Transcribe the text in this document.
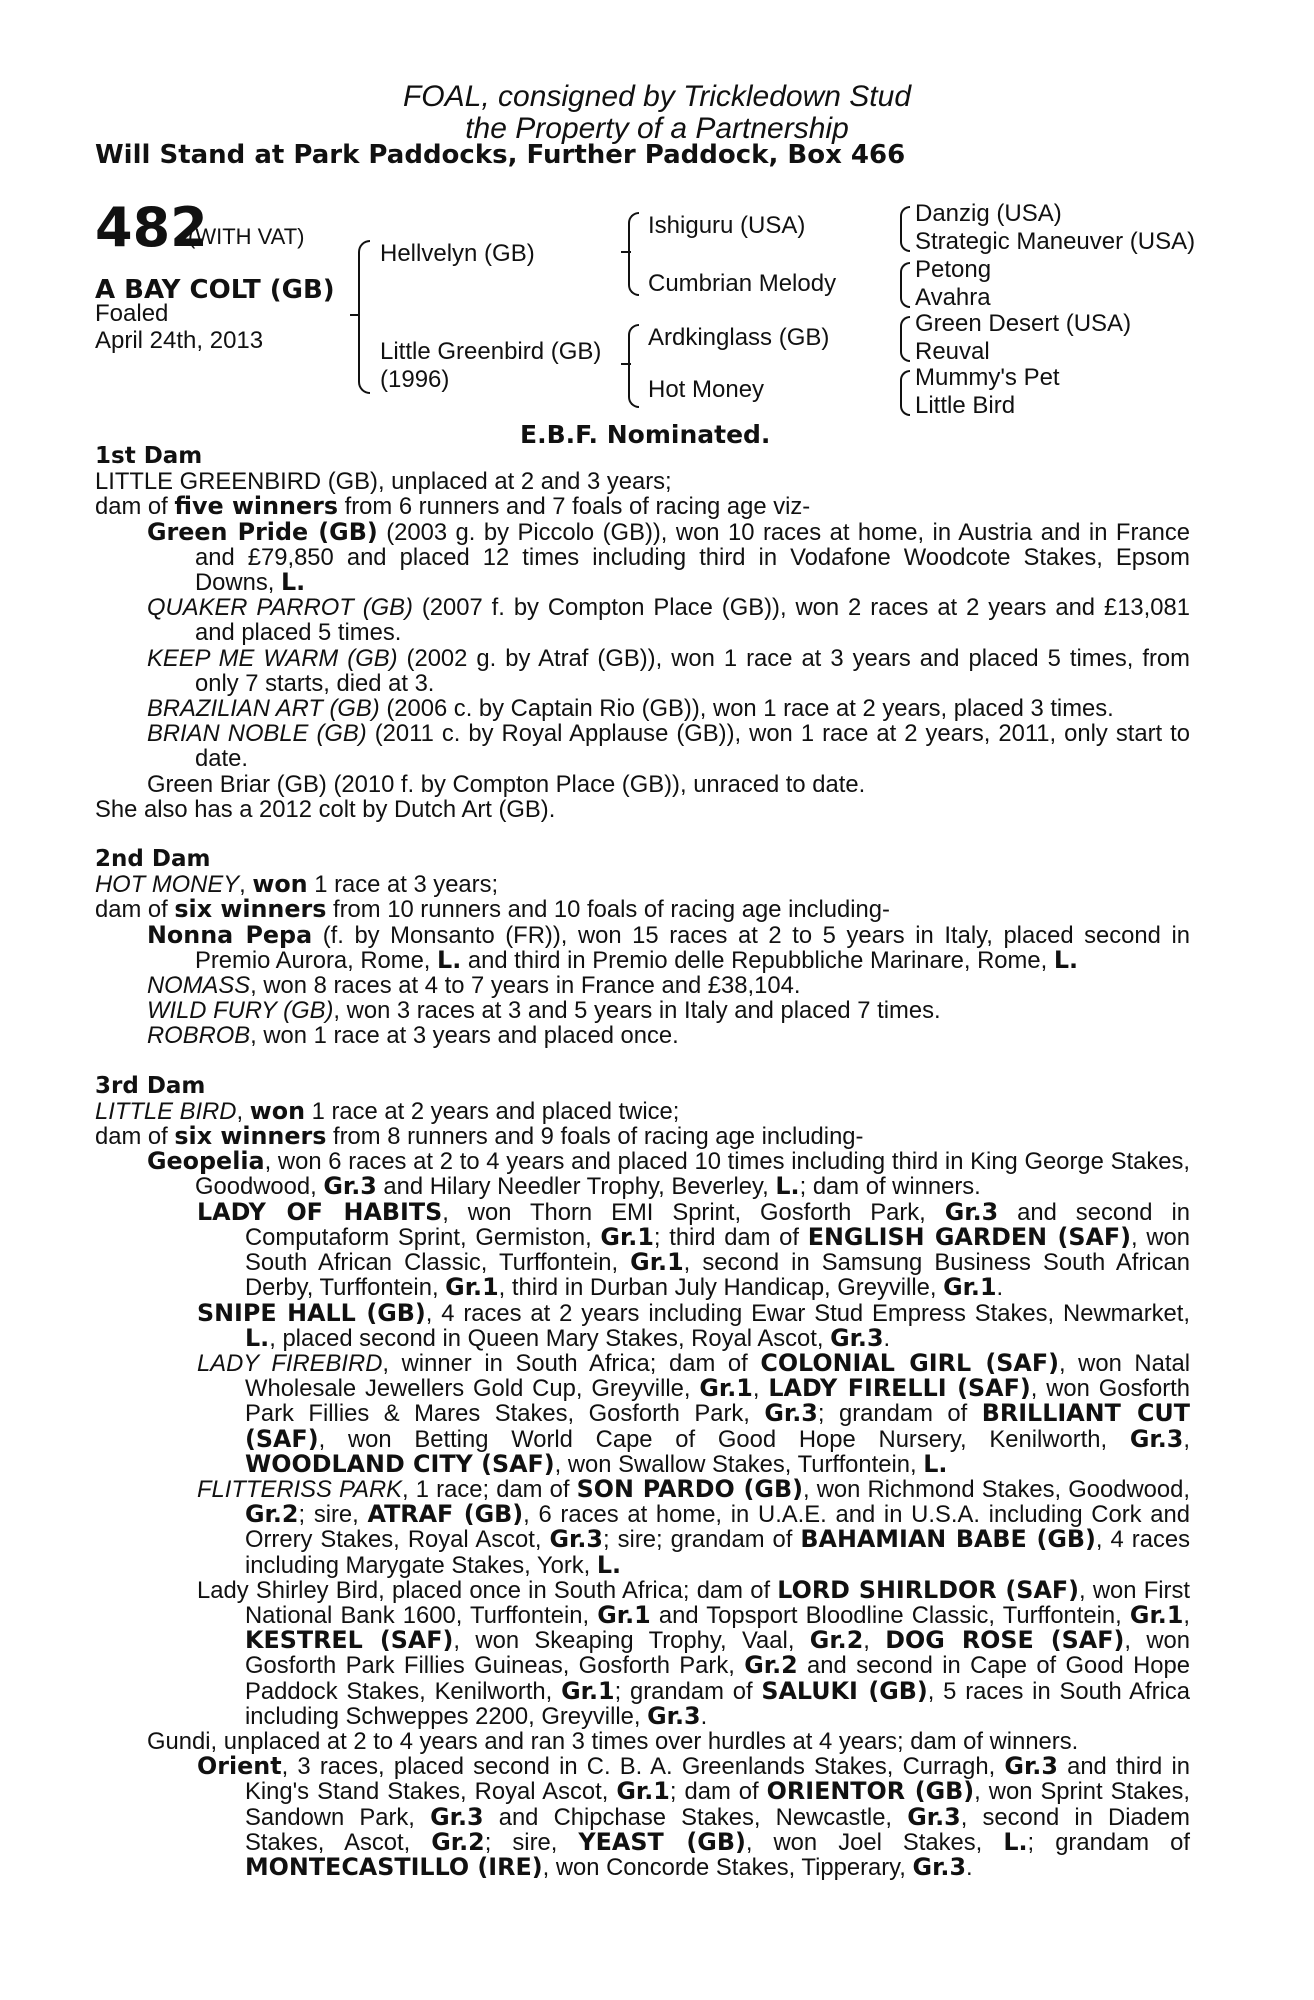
FOAL, consigned by Trickledown Stud
the Property of a Partnership
Will Stand at Park Paddocks, Further Paddock, Box 466
482
(WITH VAT)
A BAY COLT (GB)
Foaled
April 24th, 2013
Hellvelyn (GB)
Little Greenbird (GB)
(1996)
Ishiguru (USA)
Cumbrian Melody
Ardkinglass (GB)
Hot Money
Danzig (USA)
Strategic Maneuver (USA)
Petong
Avahra
Green Desert (USA)
Reuval
Mummy's Pet
Little Bird
E.B.F. Nominated.
1st Dam
LITTLE GREENBIRD (GB), unplaced at 2 and 3 years;
dam of five winners from 6 runners and 7 foals of racing age viz-
Green Pride (GB) (2003 g. by Piccolo (GB)), won 10 races at home, in Austria and in France and £79,850 and placed 12 times including third in Vodafone Woodcote Stakes, Epsom Downs, L.
QUAKER PARROT (GB) (2007 f. by Compton Place (GB)), won 2 races at 2 years and £13,081 and placed 5 times.
KEEP ME WARM (GB) (2002 g. by Atraf (GB)), won 1 race at 3 years and placed 5 times, from only 7 starts, died at 3.
BRAZILIAN ART (GB) (2006 c. by Captain Rio (GB)), won 1 race at 2 years, placed 3 times.
BRIAN NOBLE (GB) (2011 c. by Royal Applause (GB)), won 1 race at 2 years, 2011, only start to date.
Green Briar (GB) (2010 f. by Compton Place (GB)), unraced to date.
She also has a 2012 colt by Dutch Art (GB).
2nd Dam
HOT MONEY, won 1 race at 3 years;
dam of six winners from 10 runners and 10 foals of racing age including-
Nonna Pepa (f. by Monsanto (FR)), won 15 races at 2 to 5 years in Italy, placed second in Premio Aurora, Rome, L. and third in Premio delle Repubbliche Marinare, Rome, L.
NOMASS, won 8 races at 4 to 7 years in France and £38,104.
WILD FURY (GB), won 3 races at 3 and 5 years in Italy and placed 7 times.
ROBROB, won 1 race at 3 years and placed once.
3rd Dam
LITTLE BIRD, won 1 race at 2 years and placed twice;
dam of six winners from 8 runners and 9 foals of racing age including-
Geopelia, won 6 races at 2 to 4 years and placed 10 times including third in King George Stakes, Goodwood, Gr.3 and Hilary Needler Trophy, Beverley, L.; dam of winners.
LADY OF HABITS, won Thorn EMI Sprint, Gosforth Park, Gr.3 and second in Computaform Sprint, Germiston, Gr.1; third dam of ENGLISH GARDEN (SAF), won South African Classic, Turffontein, Gr.1, second in Samsung Business South African Derby, Turffontein, Gr.1, third in Durban July Handicap, Greyville, Gr.1.
SNIPE HALL (GB), 4 races at 2 years including Ewar Stud Empress Stakes, Newmarket, L., placed second in Queen Mary Stakes, Royal Ascot, Gr.3.
LADY FIREBIRD, winner in South Africa; dam of COLONIAL GIRL (SAF), won Natal Wholesale Jewellers Gold Cup, Greyville, Gr.1, LADY FIRELLI (SAF), won Gosforth Park Fillies & Mares Stakes, Gosforth Park, Gr.3; grandam of BRILLIANT CUT (SAF), won Betting World Cape of Good Hope Nursery, Kenilworth, Gr.3, WOODLAND CITY (SAF), won Swallow Stakes, Turffontein, L.
FLITTERISS PARK, 1 race; dam of SON PARDO (GB), won Richmond Stakes, Goodwood, Gr.2; sire, ATRAF (GB), 6 races at home, in U.A.E. and in U.S.A. including Cork and Orrery Stakes, Royal Ascot, Gr.3; sire; grandam of BAHAMIAN BABE (GB), 4 races including Marygate Stakes, York, L.
Lady Shirley Bird, placed once in South Africa; dam of LORD SHIRLDOR (SAF), won First National Bank 1600, Turffontein, Gr.1 and Topsport Bloodline Classic, Turffontein, Gr.1, KESTREL (SAF), won Skeaping Trophy, Vaal, Gr.2, DOG ROSE (SAF), won Gosforth Park Fillies Guineas, Gosforth Park, Gr.2 and second in Cape of Good Hope Paddock Stakes, Kenilworth, Gr.1; grandam of SALUKI (GB), 5 races in South Africa including Schweppes 2200, Greyville, Gr.3.
Gundi, unplaced at 2 to 4 years and ran 3 times over hurdles at 4 years; dam of winners.
Orient, 3 races, placed second in C. B. A. Greenlands Stakes, Curragh, Gr.3 and third in King's Stand Stakes, Royal Ascot, Gr.1; dam of ORIENTOR (GB), won Sprint Stakes, Sandown Park, Gr.3 and Chipchase Stakes, Newcastle, Gr.3, second in Diadem Stakes, Ascot, Gr.2; sire, YEAST (GB), won Joel Stakes, L.; grandam of MONTECASTILLO (IRE), won Concorde Stakes, Tipperary, Gr.3.
